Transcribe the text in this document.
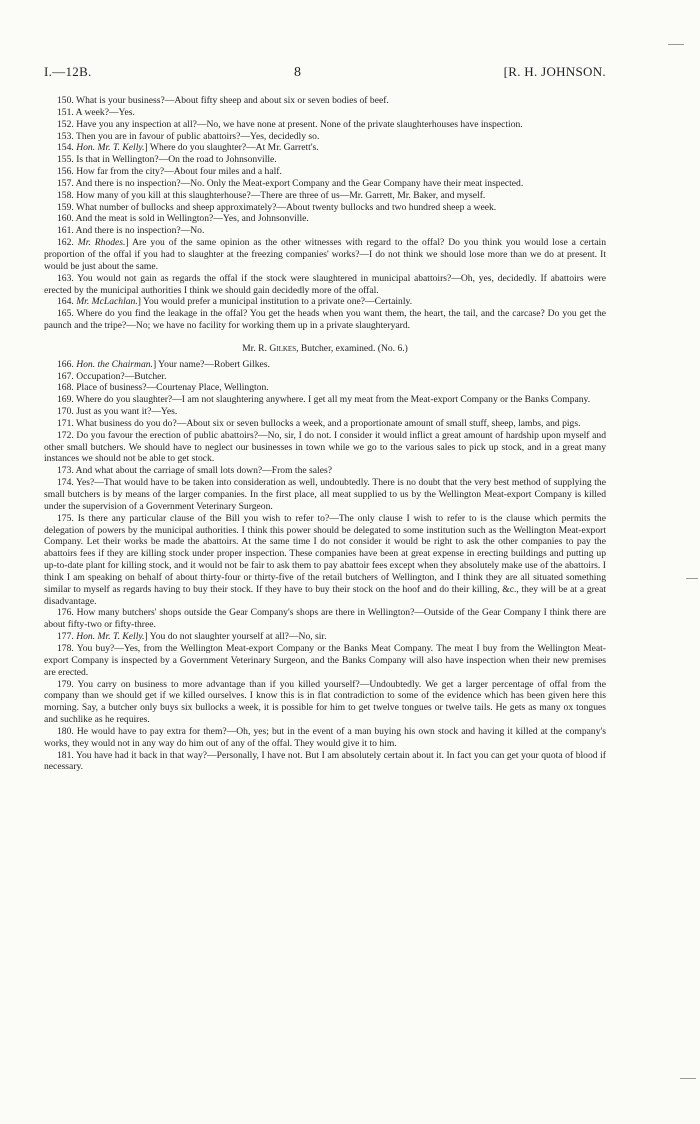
I.—12B.	8	[R. H. JOHNSON.

150. What is your business?—About fifty sheep and about six or seven bodies of beef.

151. A week?—Yes.

152. Have you any inspection at all?—No, we have none at present. None of the private slaughterhouses have inspection.

153. Then you are in favour of public abattoirs?—Yes, decidedly so.

154. Hon. Mr. T. Kelly.] Where do you slaughter?—At Mr. Garrett's.

155. Is that in Wellington?—On the road to Johnsonville.

156. How far from the city?—About four miles and a half.

157. And there is no inspection?—No. Only the Meat-export Company and the Gear Company have their meat inspected.

158. How many of you kill at this slaughterhouse?—There are three of us—Mr. Garrett, Mr. Baker, and myself.

159. What number of bullocks and sheep approximately?—About twenty bullocks and two hundred sheep a week.

160. And the meat is sold in Wellington?—Yes, and Johnsonville.

161. And there is no inspection?—No.

162. Mr. Rhodes.] Are you of the same opinion as the other witnesses with regard to the offal? Do you think you would lose a certain proportion of the offal if you had to slaughter at the freezing companies' works?—I do not think we should lose more than we do at present. It would be just about the same.

163. You would not gain as regards the offal if the stock were slaughtered in municipal abattoirs?—Oh, yes, decidedly. If abattoirs were erected by the municipal authorities I think we should gain decidedly more of the offal.

164. Mr. McLachlan.] You would prefer a municipal institution to a private one?—Certainly.

165. Where do you find the leakage in the offal? You get the heads when you want them, the heart, the tail, and the carcase? Do you get the paunch and the tripe?—No; we have no facility for working them up in a private slaughteryard.

Mr. R. Gilkes, Butcher, examined. (No. 6.)

166. Hon. the Chairman.] Your name?—Robert Gilkes.

167. Occupation?—Butcher.

168. Place of business?—Courtenay Place, Wellington.

169. Where do you slaughter?—I am not slaughtering anywhere. I get all my meat from the Meat-export Company or the Banks Company.

170. Just as you want it?—Yes.

171. What business do you do?—About six or seven bullocks a week, and a proportionate amount of small stuff, sheep, lambs, and pigs.

172. Do you favour the erection of public abattoirs?—No, sir, I do not. I consider it would inflict a great amount of hardship upon myself and other small butchers. We should have to neglect our businesses in town while we go to the various sales to pick up stock, and in a great many instances we should not be able to get stock.

173. And what about the carriage of small lots down?—From the sales?

174. Yes?—That would have to be taken into consideration as well, undoubtedly. There is no doubt that the very best method of supplying the small butchers is by means of the larger companies. In the first place, all meat supplied to us by the Wellington Meat-export Company is killed under the supervision of a Government Veterinary Surgeon.

175. Is there any particular clause of the Bill you wish to refer to?—The only clause I wish to refer to is the clause which permits the delegation of powers by the municipal authorities. I think this power should be delegated to some institution such as the Wellington Meat-export Company. Let their works be made the abattoirs. At the same time I do not consider it would be right to ask the other companies to pay the abattoirs fees if they are killing stock under proper inspection. These companies have been at great expense in erecting buildings and putting up up-to-date plant for killing stock, and it would not be fair to ask them to pay abattoir fees except when they absolutely make use of the abattoirs. I think I am speaking on behalf of about thirty-four or thirty-five of the retail butchers of Wellington, and I think they are all situated something similar to myself as regards having to buy their stock. If they have to buy their stock on the hoof and do their killing, &c., they will be at a great disadvantage.

176. How many butchers' shops outside the Gear Company's shops are there in Wellington?—Outside of the Gear Company I think there are about fifty-two or fifty-three.

177. Hon. Mr. T. Kelly.] You do not slaughter yourself at all?—No, sir.

178. You buy?—Yes, from the Wellington Meat-export Company or the Banks Meat Company. The meat I buy from the Wellington Meat-export Company is inspected by a Government Veterinary Surgeon, and the Banks Company will also have inspection when their new premises are erected.

179. You carry on business to more advantage than if you killed yourself?—Undoubtedly. We get a larger percentage of offal from the company than we should get if we killed ourselves. I know this is in flat contradiction to some of the evidence which has been given here this morning. Say, a butcher only buys six bullocks a week, it is possible for him to get twelve tongues or twelve tails. He gets as many ox tongues and suchlike as he requires.

180. He would have to pay extra for them?—Oh, yes; but in the event of a man buying his own stock and having it killed at the company's works, they would not in any way do him out of any of the offal. They would give it to him.

181. You have had it back in that way?—Personally, I have not. But I am absolutely certain about it. In fact you can get your quota of blood if necessary.
